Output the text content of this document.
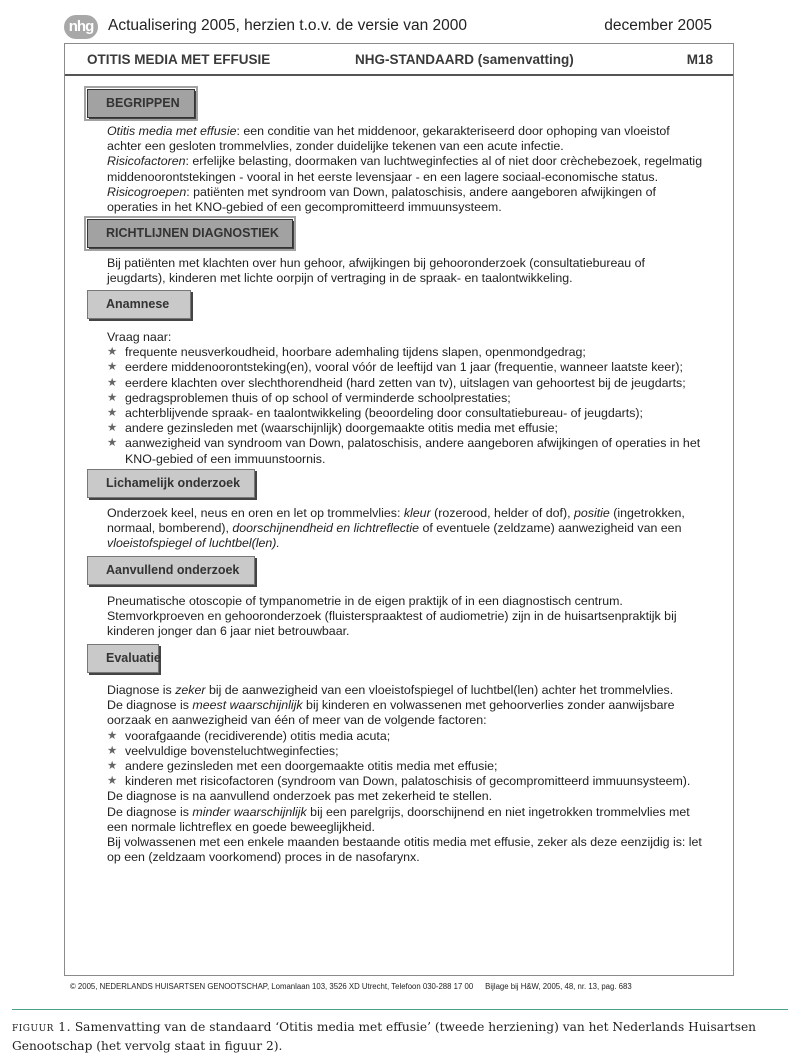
nhg Actualisering 2005, herzien t.o.v. de versie van 2000	december 2005
OTITIS MEDIA MET EFFUSIE	NHG-STANDAARD (samenvatting)	M18
BEGRIPPEN

Otitis media met effusie: een conditie van het middenoor, gekarakteriseerd door ophoping van vloeistof achter een gesloten trommelvlies, zonder duidelijke tekenen van een acute infectie.

Risicofactoren: erfelijke belasting, doormaken van luchtweginfecties al of niet door crèchebezoek, regelmatig middenoorontstekingen - vooral in het eerste levensjaar - en een lagere sociaal-economische status.

Risicogroepen: patiënten met syndroom van Down, palatoschisis, andere aangeboren afwijkingen of operaties in het KNO-gebied of een gecompromitteerd immuunsysteem.

RICHTLIJNEN DIAGNOSTIEK

Bij patiënten met klachten over hun gehoor, afwijkingen bij gehooronderzoek (consultatiebureau of jeugdarts), kinderen met lichte oorpijn of vertraging in de spraak- en taalontwikkeling.

Anamnese

Vraag naar:

★ frequente neusverkoudheid, hoorbare ademhaling tijdens slapen, openmondgedrag;
★ eerdere middenoorontsteking(en), vooral vóór de leeftijd van 1 jaar (frequentie, wanneer laatste keer);
★ eerdere klachten over slechthorendheid (hard zetten van tv), uitslagen van gehoortest bij de jeugdarts;
★ gedragsproblemen thuis of op school of verminderde schoolprestaties;
★ achterblijvende spraak- en taalontwikkeling (beoordeling door consultatiebureau- of jeugdarts);
★ andere gezinsleden met (waarschijnlijk) doorgemaakte otitis media met effusie;
★ aanwezigheid van syndroom van Down, palatoschisis, andere aangeboren afwijkingen of operaties in het KNO-gebied of een immuunstoornis.
Lichamelijk onderzoek

Onderzoek keel, neus en oren en let op trommelvlies: kleur (rozerood, helder of dof), positie (ingetrokken, normaal, bomberend), doorschijnendheid en lichtreflectie of eventuele (zeldzame) aanwezigheid van een vloeistofspiegel of luchtbel(len).

Aanvullend onderzoek

Pneumatische otoscopie of tympanometrie in de eigen praktijk of in een diagnostisch centrum. Stemvorkproeven en gehooronderzoek (fluisterspraaktest of audiometrie) zijn in de huisartsenpraktijk bij kinderen jonger dan 6 jaar niet betrouwbaar.

Evaluatie

Diagnose is zeker bij de aanwezigheid van een vloeistofspiegel of luchtbel(len) achter het trommelvlies.

De diagnose is meest waarschijnlijk bij kinderen en volwassenen met gehoorverlies zonder aanwijsbare oorzaak en aanwezigheid van één of meer van de volgende factoren:

★ voorafgaande (recidiverende) otitis media acuta;
★ veelvuldige bovensteluchtweginfecties;
★ andere gezinsleden met een doorgemaakte otitis media met effusie;
★ kinderen met risicofactoren (syndroom van Down, palatoschisis of gecompromitteerd immuunsysteem).

De diagnose is na aanvullend onderzoek pas met zekerheid te stellen.

De diagnose is minder waarschijnlijk bij een parelgrijs, doorschijnend en niet ingetrokken trommelvlies met een normale lichtreflex en goede beweeglijkheid.

Bij volwassenen met een enkele maanden bestaande otitis media met effusie, zeker als deze eenzijdig is: let op een (zeldzaam voorkomend) proces in de nasofarynx.

© 2005, NEDERLANDS HUISARTSEN GENOOTSCHAP, Lomanlaan 103, 3526 XD Utrecht, Telefoon 030-288 17 00 Bijlage bij H&W, 2005, 48, nr. 13, pag. 683
figuur 1. Samenvatting van de standaard ‘Otitis media met effusie’ (tweede herziening) van het Nederlands Huisartsen Genootschap (het vervolg staat in figuur 2).
